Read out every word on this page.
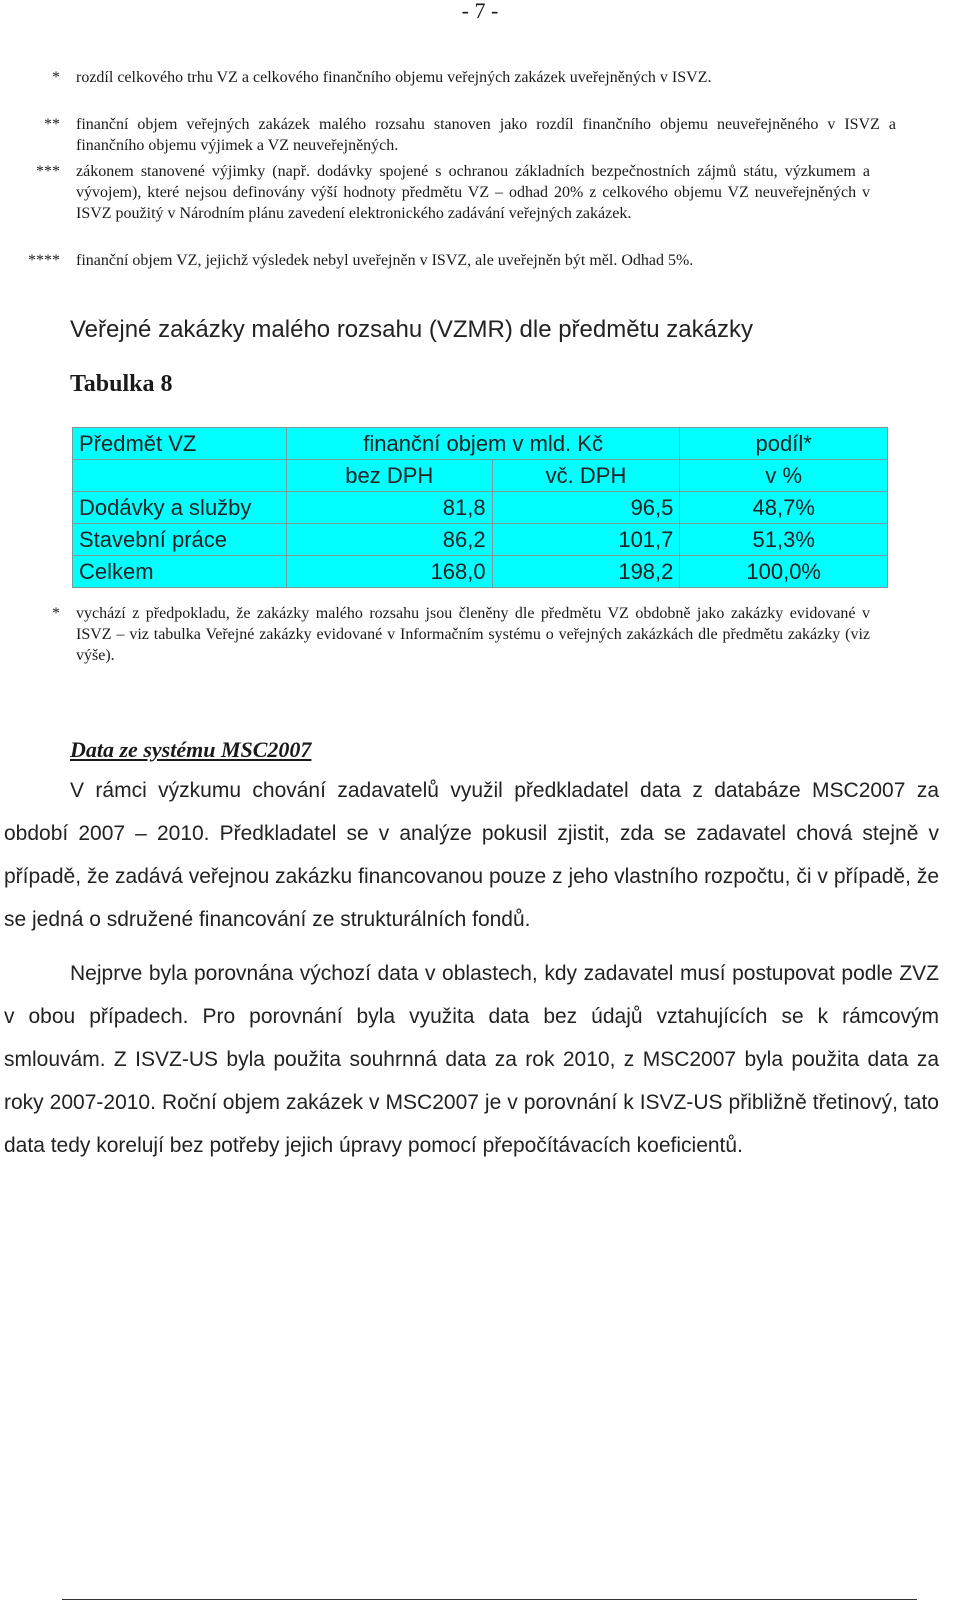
- 7 -
* rozdíl celkového trhu VZ a celkového finančního objemu veřejných zakázek uveřejněných v ISVZ.
** finanční objem veřejných zakázek malého rozsahu stanoven jako rozdíl finančního objemu neuveřejněného v ISVZ a finančního objemu výjimek a VZ neuveřejněných.
*** zákonem stanovené výjimky (např. dodávky spojené s ochranou základních bezpečnostních zájmů státu, výzkumem a vývojem), které nejsou definovány výší hodnoty předmětu VZ – odhad 20% z celkového objemu VZ neuveřejněných v ISVZ použitý v Národním plánu zavedení elektronického zadávání veřejných zakázek.
**** finanční objem VZ, jejichž výsledek nebyl uveřejněn v ISVZ, ale uveřejněn být měl. Odhad 5%.
Veřejné zakázky malého rozsahu (VZMR) dle předmětu zakázky
Tabulka 8
Předmět VZ	finanční objem v mld. Kč		podíl*
	bez DPH	vč. DPH	v %
Dodávky a služby	81,8	96,5	48,7%
Stavební práce	86,2	101,7	51,3%
Celkem	168,0	198,2	100,0%
* vychází z předpokladu, že zakázky malého rozsahu jsou členěny dle předmětu VZ obdobně jako zakázky evidované v ISVZ – viz tabulka Veřejné zakázky evidované v Informačním systému o veřejných zakázkách dle předmětu zakázky (viz výše).
Data ze systému MSC2007
V rámci výzkumu chování zadavatelů využil předkladatel data z databáze MSC2007 za období 2007 – 2010. Předkladatel se v analýze pokusil zjistit, zda se zadavatel chová stejně v případě, že zadává veřejnou zakázku financovanou pouze z jeho vlastního rozpočtu, či v případě, že se jedná o sdružené financování ze strukturálních fondů.
Nejprve byla porovnána výchozí data v oblastech, kdy zadavatel musí postupovat podle ZVZ v obou případech. Pro porovnání byla využita data bez údajů vztahujících se k rámcovým smlouvám. Z ISVZ-US byla použita souhrnná data za rok 2010, z MSC2007 byla použita data za roky 2007-2010. Roční objem zakázek v MSC2007 je v porovnání k ISVZ-US přibližně třetinový, tato data tedy korelují bez potřeby jejich úpravy pomocí přepočítávacích koeficientů.
